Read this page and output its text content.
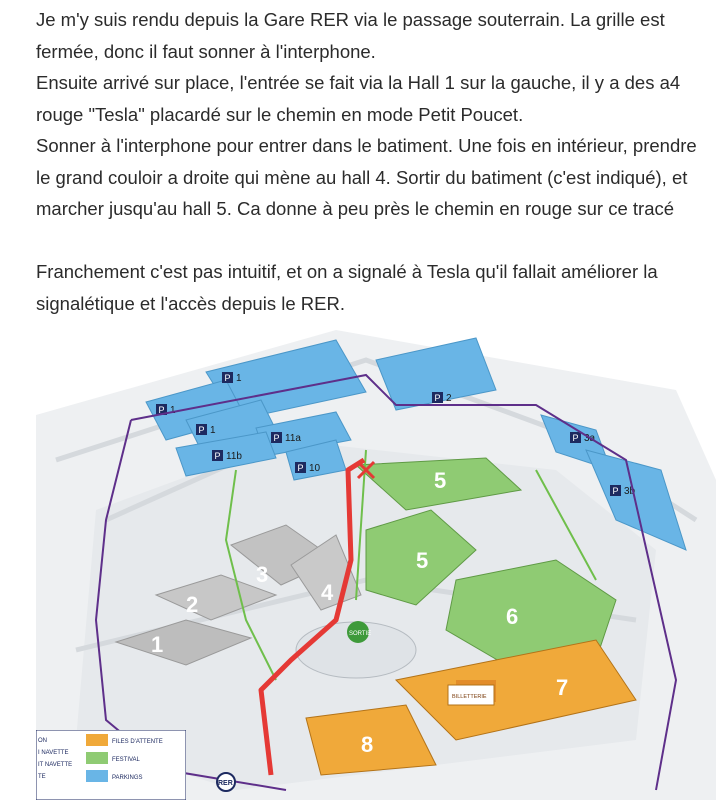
Je m'y suis rendu depuis la Gare RER via le passage souterrain. La grille est fermée, donc il faut sonner à l'interphone.

Ensuite arrivé sur place, l'entrée se fait via la Hall 1 sur la gauche, il y a des a4 rouge "Tesla" placardé sur le chemin en mode Petit Poucet.

Sonner à l'interphone pour entrer dans le batiment. Une fois en intérieur, prendre le grand couloir a droite qui mène au hall 4. Sortir du batiment (c'est indiqué), et marcher jusqu'au hall 5. Ca donne à peu près le chemin en rouge sur ce tracé

Franchement c'est pas intuitif, et on a signalé à Tesla qu'il fallait améliorer la signalétique et l'accès depuis le RER.

P 1
P 1
P 1
P 11a
P 11b
P 10
P 2
P 3a
P 3b
1
2
3
4
5
5
6
7
8
SORTIE
BILLETTERIE
RER
ON
I NAVETTE
IT NAVETTE
TE
FILES D'ATTENTE
FESTIVAL
PARKINGS
